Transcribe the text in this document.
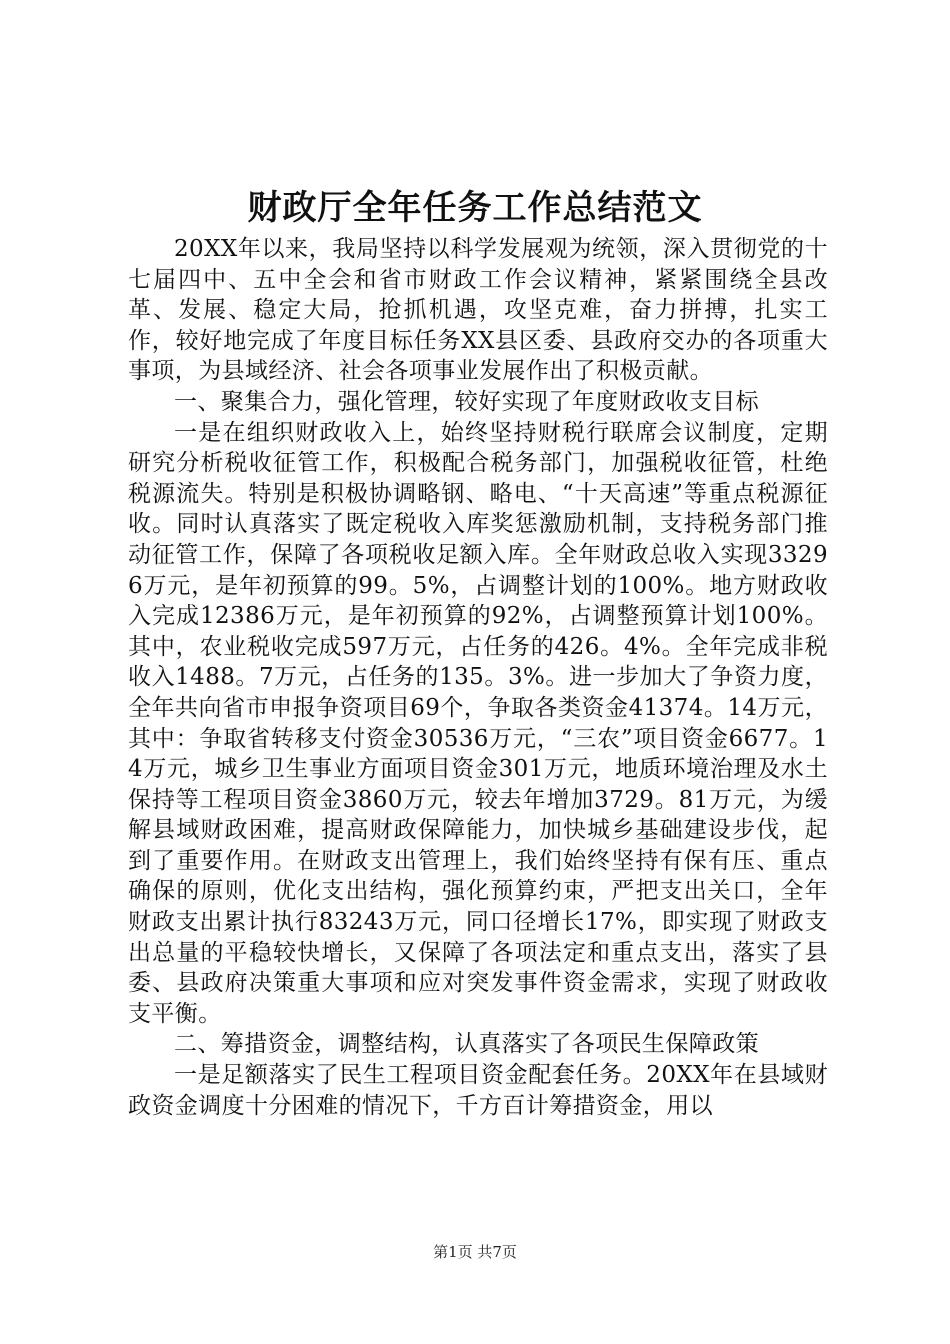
财政厅全年任务工作总结范文

20XX年以来，我局坚持以科学发展观为统领，深入贯彻党的十七届四中、五中全会和省市财政工作会议精神，紧紧围绕全县改革、发展、稳定大局，抢抓机遇，攻坚克难，奋力拼搏，扎实工作，较好地完成了年度目标任务XX县区委、县政府交办的各项重大事项，为县域经济、社会各项事业发展作出了积极贡献。

一、聚集合力，强化管理，较好实现了年度财政收支目标

一是在组织财政收入上，始终坚持财税行联席会议制度，定期研究分析税收征管工作，积极配合税务部门，加强税收征管，杜绝税源流失。特别是积极协调略钢、略电、“十天高速”等重点税源征收。同时认真落实了既定税收入库奖惩激励机制，支持税务部门推动征管工作，保障了各项税收足额入库。全年财政总收入实现33296万元，是年初预算的99。5%，占调整计划的100%。地方财政收入完成12386万元，是年初预算的92%，占调整预算计划100%。其中，农业税收完成597万元，占任务的426。4%。全年完成非税收入1488。7万元，占任务的135。3%。进一步加大了争资力度，全年共向省市申报争资项目69个，争取各类资金41374。14万元，其中：争取省转移支付资金30536万元，“三农”项目资金6677。14万元，城乡卫生事业方面项目资金301万元，地质环境治理及水土保持等工程项目资金3860万元，较去年增加3729。81万元，为缓解县域财政困难，提高财政保障能力，加快城乡基础建设步伐，起到了重要作用。在财政支出管理上，我们始终坚持有保有压、重点确保的原则，优化支出结构，强化预算约束，严把支出关口，全年财政支出累计执行83243万元，同口径增长17%，即实现了财政支出总量的平稳较快增长，又保障了各项法定和重点支出，落实了县委、县政府决策重大事项和应对突发事件资金需求，实现了财政收支平衡。

二、筹措资金，调整结构，认真落实了各项民生保障政策

一是足额落实了民生工程项目资金配套任务。20XX年在县域财政资金调度十分困难的情况下，千方百计筹措资金，用以

第1页 共7页
